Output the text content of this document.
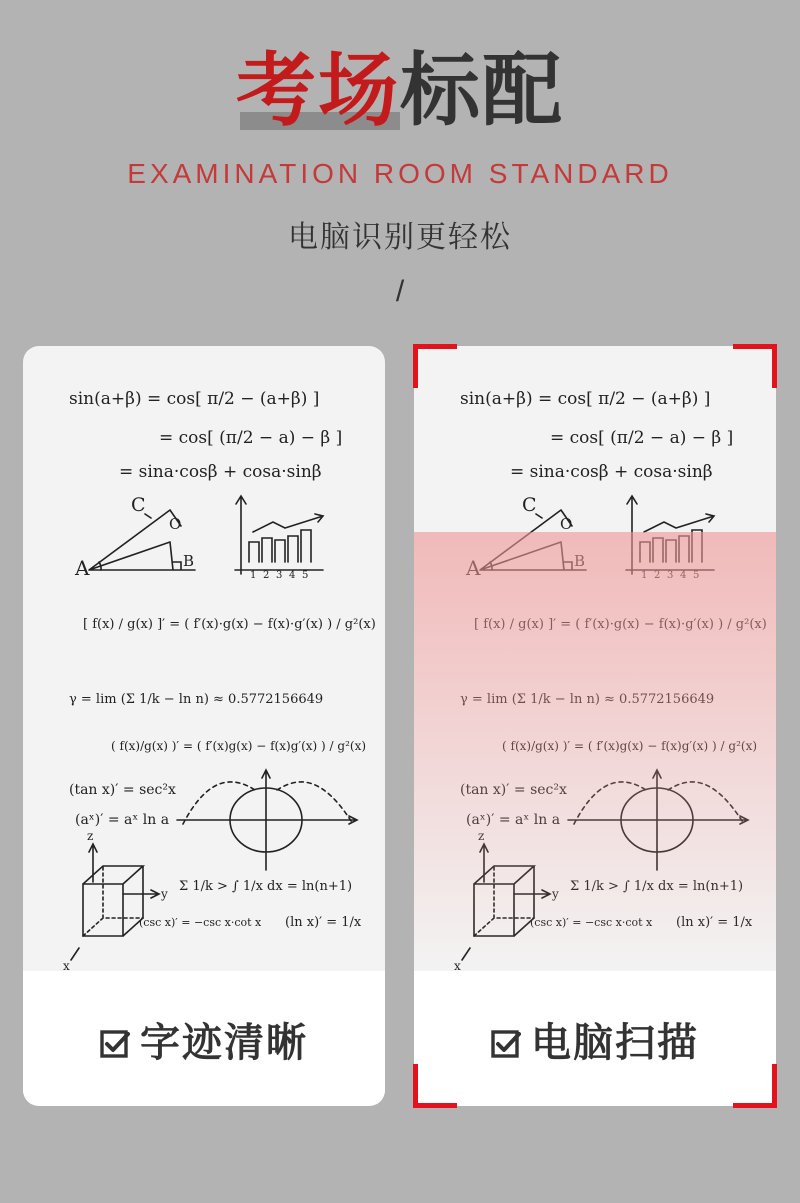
考场标配
EXAMINATION ROOM STANDARD
电脑识别更轻松
/
字迹清晰	电脑扫描
